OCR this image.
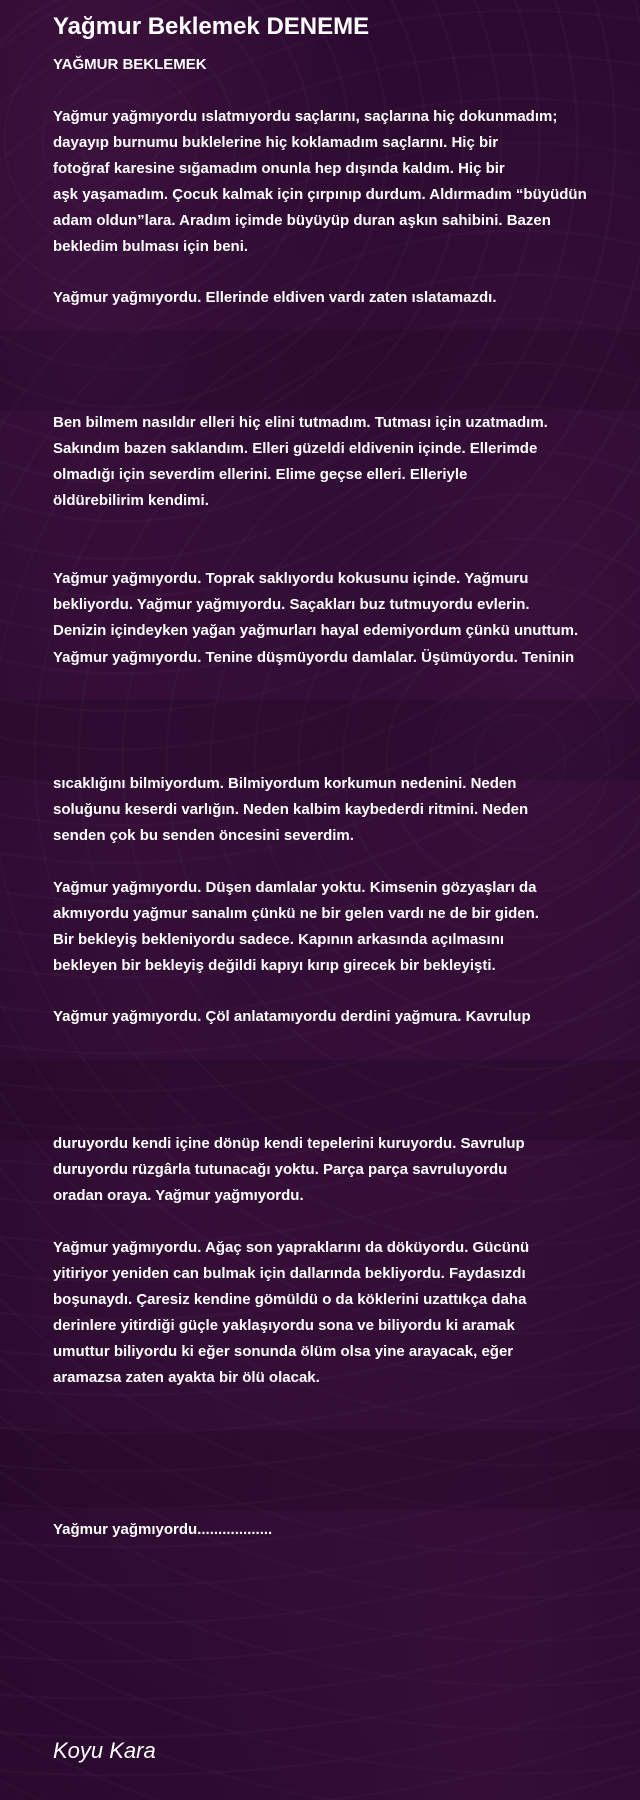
Yağmur Beklemek DENEME
YAĞMUR BEKLEMEK
Yağmur yağmıyordu ıslatmıyordu saçlarını, saçlarına hiç dokunmadım;
dayayıp burnumu buklelerine hiç koklamadım saçlarını. Hiç bir
fotoğraf karesine sığamadım onunla hep dışında kaldım. Hiç bir
aşk yaşamadım. Çocuk kalmak için çırpınıp durdum. Aldırmadım “büyüdün
adam oldun”lara. Aradım içimde büyüyüp duran aşkın sahibini. Bazen
bekledim bulması için beni.
Yağmur yağmıyordu. Ellerinde eldiven vardı zaten ıslatamazdı.
Ben bilmem nasıldır elleri hiç elini tutmadım. Tutması için uzatmadım.
Sakındım bazen saklandım. Elleri güzeldi eldivenin içinde. Ellerimde
olmadığı için severdim ellerini. Elime geçse elleri. Elleriyle
öldürebilirim kendimi.
Yağmur yağmıyordu. Toprak saklıyordu kokusunu içinde. Yağmuru
bekliyordu. Yağmur yağmıyordu. Saçakları buz tutmuyordu evlerin.
Denizin içindeyken yağan yağmurları hayal edemiyordum çünkü unuttum.
Yağmur yağmıyordu. Tenine düşmüyordu damlalar. Üşümüyordu. Teninin
sıcaklığını bilmiyordum. Bilmiyordum korkumun nedenini. Neden
soluğunu keserdi varlığın. Neden kalbim kaybederdi ritmini. Neden
senden çok bu senden öncesini severdim.
Yağmur yağmıyordu. Düşen damlalar yoktu. Kimsenin gözyaşları da
akmıyordu yağmur sanalım çünkü ne bir gelen vardı ne de bir giden.
Bir bekleyiş bekleniyordu sadece. Kapının arkasında açılmasını
bekleyen bir bekleyiş değildi kapıyı kırıp girecek bir bekleyişti.
Yağmur yağmıyordu. Çöl anlatamıyordu derdini yağmura. Kavrulup
duruyordu kendi içine dönüp kendi tepelerini kuruyordu. Savrulup
duruyordu rüzgârla tutunacağı yoktu. Parça parça savruluyordu
oradan oraya. Yağmur yağmıyordu.
Yağmur yağmıyordu. Ağaç son yapraklarını da döküyordu. Gücünü
yitiriyor yeniden can bulmak için dallarında bekliyordu. Faydasızdı
boşunaydı. Çaresiz kendine gömüldü o da köklerini uzattıkça daha
derinlere yitirdiği güçle yaklaşıyordu sona ve biliyordu ki aramak
umuttur biliyordu ki eğer sonunda ölüm olsa yine arayacak, eğer
aramazsa zaten ayakta bir ölü olacak.
Yağmur yağmıyordu..................
Koyu Kara
